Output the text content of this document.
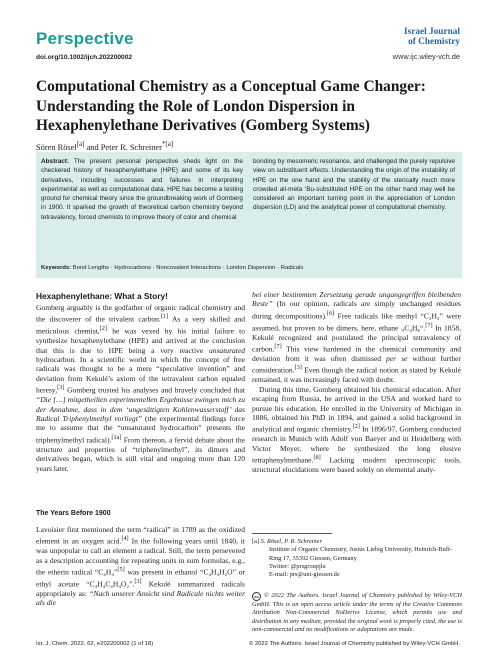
Perspective
doi.org/10.1002/ijch.202200002
Israel Journal
of Chemistry
www.ijc.wiley-vch.de
Computational Chemistry as a Conceptual Game Changer: Understanding the Role of London Dispersion in Hexaphenylethane Derivatives (Gomberg Systems)
Sören Rösel[a] and Peter R. Schreiner$^{*[a]}$
Abstract: The present personal perspective sheds light on the checkered history of hexaphenylethane (HPE) and some of its key derivatives, including successes and failures in interpreting experimental as well as computational data. HPE has become a testing ground for chemical theory since the groundbreaking work of Gomberg in 1900. It sparked the growth of theoretical carbon chemistry beyond tetravalency, forced chemists to improve theory of color and chemical
bonding by mesomeric resonance, and challenged the purely repulsive view on substituent effects. Understanding the origin of the instability of HPE on the one hand and the stability of the sterically much more crowded all-meta ‘Bu-substituted HPE on the other hand may well be considered an important turning point in the appreciation of London dispersion (LD) and the analytical power of computational chemistry.
Keywords: Bond Lengths · Hydrocarbons · Noncovalent Interactions · London Dispersion · Radicals
Hexaphenylethane: What a Story!

Gomberg arguably is the godfather of organic radical chemistry and the discoverer of the trivalent carbon.[1] As a very skilled and meticulous chemist,[2] he was vexed by his initial failure to synthesize hexaphenylethane (HPE) and arrived at the conclusion that this is due to HPE being a very reactive unsaturated hydrocarbon. In a scientific world in which the concept of free radicals was thought to be a mere “speculative invention” and deviation from Kekulé’s axiom of the tetravalent carbon equaled heresy,[3] Gomberg trusted his analyses and bravely concluded that “Die […] mitgetheilten experimentellen Ergebnisse zwingen mich zu der Annahme, dass in dem ‘ungesättigten Kohlenwasserstoff’ das Radical Triphenylmethyl vorliegt” (the experimental findings force me to assume that the “unsaturated hydrocarbon” presents the triphenylmethyl radical).[1a] From thereon, a fervid debate about the structure and properties of “triphenylmethyl”, its dimers and derivatives began, which is still vital and ongoing more than 120 years later.

The Years Before 1900

Lavoisier first mentioned the term “radical” in 1789 as the oxidized element in an oxygen acid.[4] In the following years until 1840, it was unpopular to call an element a radical. Still, the term persevered as a description accounting for repeating units in sum formulas, e.g., the etherin radical “C₄H₄”[5] was present in ethanol “C₄H₄H₂O” or ethyl acetate “C₄H₄C₄H₄O₂”.[3] Kekulé summarized radicals appropriately as: “Nach unserer Ansicht sind Radicale nichts weiter als die

bei einer bestimmten Zersetzung gerade ungangegriffen bleibenden Reste” (In our opinion, radicals are simply unchanged residues during decompositions).[6] Free radicals like methyl “C₂H₃” were assumed, but proven to be dimers, here, ethane „C₄H₆“.[7] In 1858, Kekulé recognized and postulated the principal tetravalency of carbon.[7] This view hardened in the chemical community and deviation from it was often dismissed per se without further consideration.[3] Even though the radical notion as stated by Kekulé remained, it was increasingly faced with doubt.

During this time, Gomberg obtained his chemical education. After escaping from Russia, he arrived in the USA and worked hard to pursue his education. He enrolled in the University of Michigan in 1886, obtained his PhD in 1894, and gained a solid background in analytical and organic chemistry.[2] In 1896/97, Gomberg conducted research in Munich with Adolf von Baeyer and in Heidelberg with Victor Meyer, where he synthesized the long elusive tetraphenylmethane.[8] Lacking modern spectroscopic tools, structural elucidations were based solely on elemental analy-

[a] S. Rösel, P. R. Schreiner
Institute of Organic Chemistry, Justus Liebig University, Heinrich-Buff-Ring 17, 35392 Giessen, Germany
Twitter: @prsgroupjlu
E-mail: prs@uni-giessen.de
cc © 2022 The Authors. Israel Journal of Chemistry published by Wiley-VCH GmbH. This is an open access article under the terms of the Creative Commons Attribution Non-Commercial NoDerivs License, which permits use and distribution in any medium, provided the original work is properly cited, the use is non-commercial and no modifications or adaptations are made.
Isr. J. Chem. 2022, 62, e202200002 (1 of 18)	© 2022 The Authors. Israel Journal of Chemistry published by Wiley-VCH GmbH.
